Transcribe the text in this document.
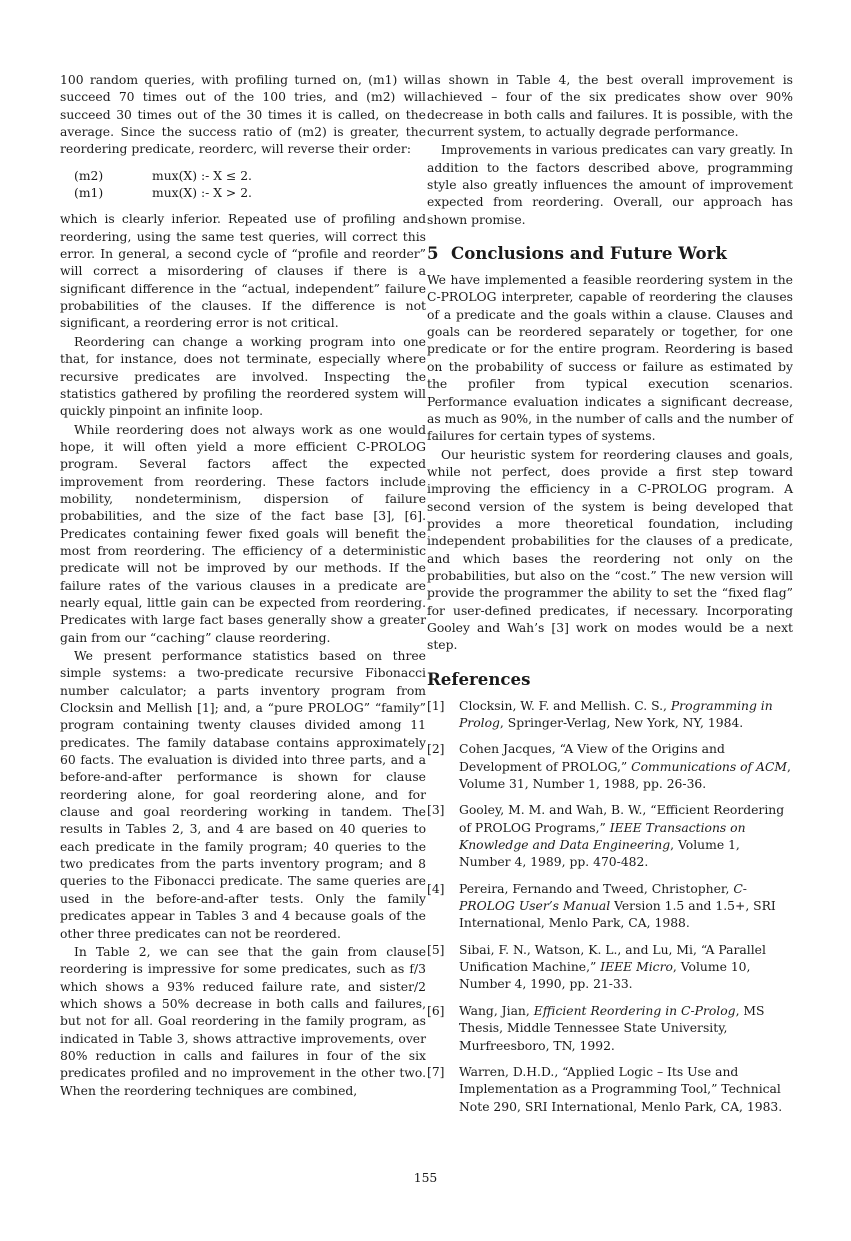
100 random queries, with profiling turned on, (m1) will succeed 70 times out of the 100 tries, and (m2) will succeed 30 times out of the 30 times it is called, on the average. Since the success ratio of (m2) is greater, the reordering predicate, reorderc, will reverse their order:

(m2)	mux(X) :- X ≤ 2.
(m1)	mux(X) :- X > 2.

which is clearly inferior. Repeated use of profiling and reordering, using the same test queries, will correct this error. In general, a second cycle of “profile and reorder” will correct a misordering of clauses if there is a significant difference in the “actual, independent” failure probabilities of the clauses. If the difference is not significant, a reordering error is not critical.

Reordering can change a working program into one that, for instance, does not terminate, especially where recursive predicates are involved. Inspecting the statistics gathered by profiling the reordered system will quickly pinpoint an infinite loop.

While reordering does not always work as one would hope, it will often yield a more efficient C-PROLOG program. Several factors affect the expected improvement from reordering. These factors include mobility, nondeterminism, dispersion of failure probabilities, and the size of the fact base [3], [6]. Predicates containing fewer fixed goals will benefit the most from reordering. The efficiency of a deterministic predicate will not be improved by our methods. If the failure rates of the various clauses in a predicate are nearly equal, little gain can be expected from reordering. Predicates with large fact bases generally show a greater gain from our “caching” clause reordering.

We present performance statistics based on three simple systems: a two-predicate recursive Fibonacci number calculator; a parts inventory program from Clocksin and Mellish [1]; and, a “pure PROLOG” “family” program containing twenty clauses divided among 11 predicates. The family database contains approximately 60 facts. The evaluation is divided into three parts, and a before-and-after performance is shown for clause reordering alone, for goal reordering alone, and for clause and goal reordering working in tandem. The results in Tables 2, 3, and 4 are based on 40 queries to each predicate in the family program; 40 queries to the two predicates from the parts inventory program; and 8 queries to the Fibonacci predicate. The same queries are used in the before-and-after tests. Only the family predicates appear in Tables 3 and 4 because goals of the other three predicates can not be reordered.

In Table 2, we can see that the gain from clause reordering is impressive for some predicates, such as f/3 which shows a 93% reduced failure rate, and sister/2 which shows a 50% decrease in both calls and failures, but not for all. Goal reordering in the family program, as indicated in Table 3, shows attractive improvements, over 80% reduction in calls and failures in four of the six predicates profiled and no improvement in the other two. When the reordering techniques are combined,

as shown in Table 4, the best overall improvement is achieved – four of the six predicates show over 90% decrease in both calls and failures. It is possible, with the current system, to actually degrade performance.

Improvements in various predicates can vary greatly. In addition to the factors described above, programming style also greatly influences the amount of improvement expected from reordering. Overall, our approach has shown promise.

5 Conclusions and Future Work

We have implemented a feasible reordering system in the C-PROLOG interpreter, capable of reordering the clauses of a predicate and the goals within a clause. Clauses and goals can be reordered separately or together, for one predicate or for the entire program. Reordering is based on the probability of success or failure as estimated by the profiler from typical execution scenarios. Performance evaluation indicates a significant decrease, as much as 90%, in the number of calls and the number of failures for certain types of systems.

Our heuristic system for reordering clauses and goals, while not perfect, does provide a first step toward improving the efficiency in a C-PROLOG program. A second version of the system is being developed that provides a more theoretical foundation, including independent probabilities for the clauses of a predicate, and which bases the reordering not only on the probabilities, but also on the “cost.” The new version will provide the programmer the ability to set the “fixed flag” for user-defined predicates, if necessary. Incorporating Gooley and Wah’s [3] work on modes would be a next step.

References
[1]	Clocksin, W. F. and Mellish. C. S., Programming in Prolog, Springer-Verlag, New York, NY, 1984.
[2]	Cohen Jacques, “A View of the Origins and Development of PROLOG,” Communications of ACM, Volume 31, Number 1, 1988, pp. 26-36.
[3]	Gooley, M. M. and Wah, B. W., “Efficient Reordering of PROLOG Programs,” IEEE Transactions on Knowledge and Data Engineering, Volume 1, Number 4, 1989, pp. 470-482.
[4]	Pereira, Fernando and Tweed, Christopher, C-PROLOG User’s Manual Version 1.5 and 1.5+, SRI International, Menlo Park, CA, 1988.
[5]	Sibai, F. N., Watson, K. L., and Lu, Mi, “A Parallel Unification Machine,” IEEE Micro, Volume 10, Number 4, 1990, pp. 21-33.
[6]	Wang, Jian, Efficient Reordering in C-Prolog, MS Thesis, Middle Tennessee State University, Murfreesboro, TN, 1992.
[7]	Warren, D.H.D., “Applied Logic – Its Use and Implementation as a Programming Tool,” Technical Note 290, SRI International, Menlo Park, CA, 1983.
155
